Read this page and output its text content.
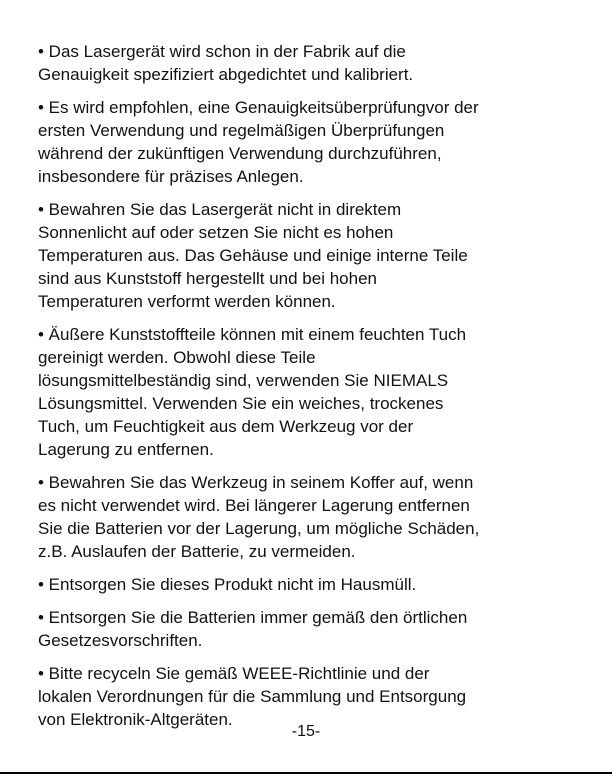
• Das Lasergerät wird schon in der Fabrik auf die
Genauigkeit spezifiziert abgedichtet und kalibriert.

• Es wird empfohlen, eine Genauigkeitsüberprüfungvor der
ersten Verwendung und regelmäßigen Überprüfungen
während der zukünftigen Verwendung durchzuführen,
insbesondere für präzises Anlegen.

• Bewahren Sie das Lasergerät nicht in direktem
Sonnenlicht auf oder setzen Sie nicht es hohen
Temperaturen aus. Das Gehäuse und einige interne Teile
sind aus Kunststoff hergestellt und bei hohen
Temperaturen verformt werden können.

• Äußere Kunststoffteile können mit einem feuchten Tuch
gereinigt werden. Obwohl diese Teile
lösungsmittelbeständig sind, verwenden Sie NIEMALS
Lösungsmittel. Verwenden Sie ein weiches, trockenes
Tuch, um Feuchtigkeit aus dem Werkzeug vor der
Lagerung zu entfernen.

• Bewahren Sie das Werkzeug in seinem Koffer auf, wenn
es nicht verwendet wird. Bei längerer Lagerung entfernen
Sie die Batterien vor der Lagerung, um mögliche Schäden,
z.B. Auslaufen der Batterie, zu vermeiden.

• Entsorgen Sie dieses Produkt nicht im Hausmüll.

• Entsorgen Sie die Batterien immer gemäß den örtlichen
Gesetzesvorschriften.

• Bitte recyceln Sie gemäß WEEE-Richtlinie und der
lokalen Verordnungen für die Sammlung und Entsorgung
von Elektronik-Altgeräten.

-15-
